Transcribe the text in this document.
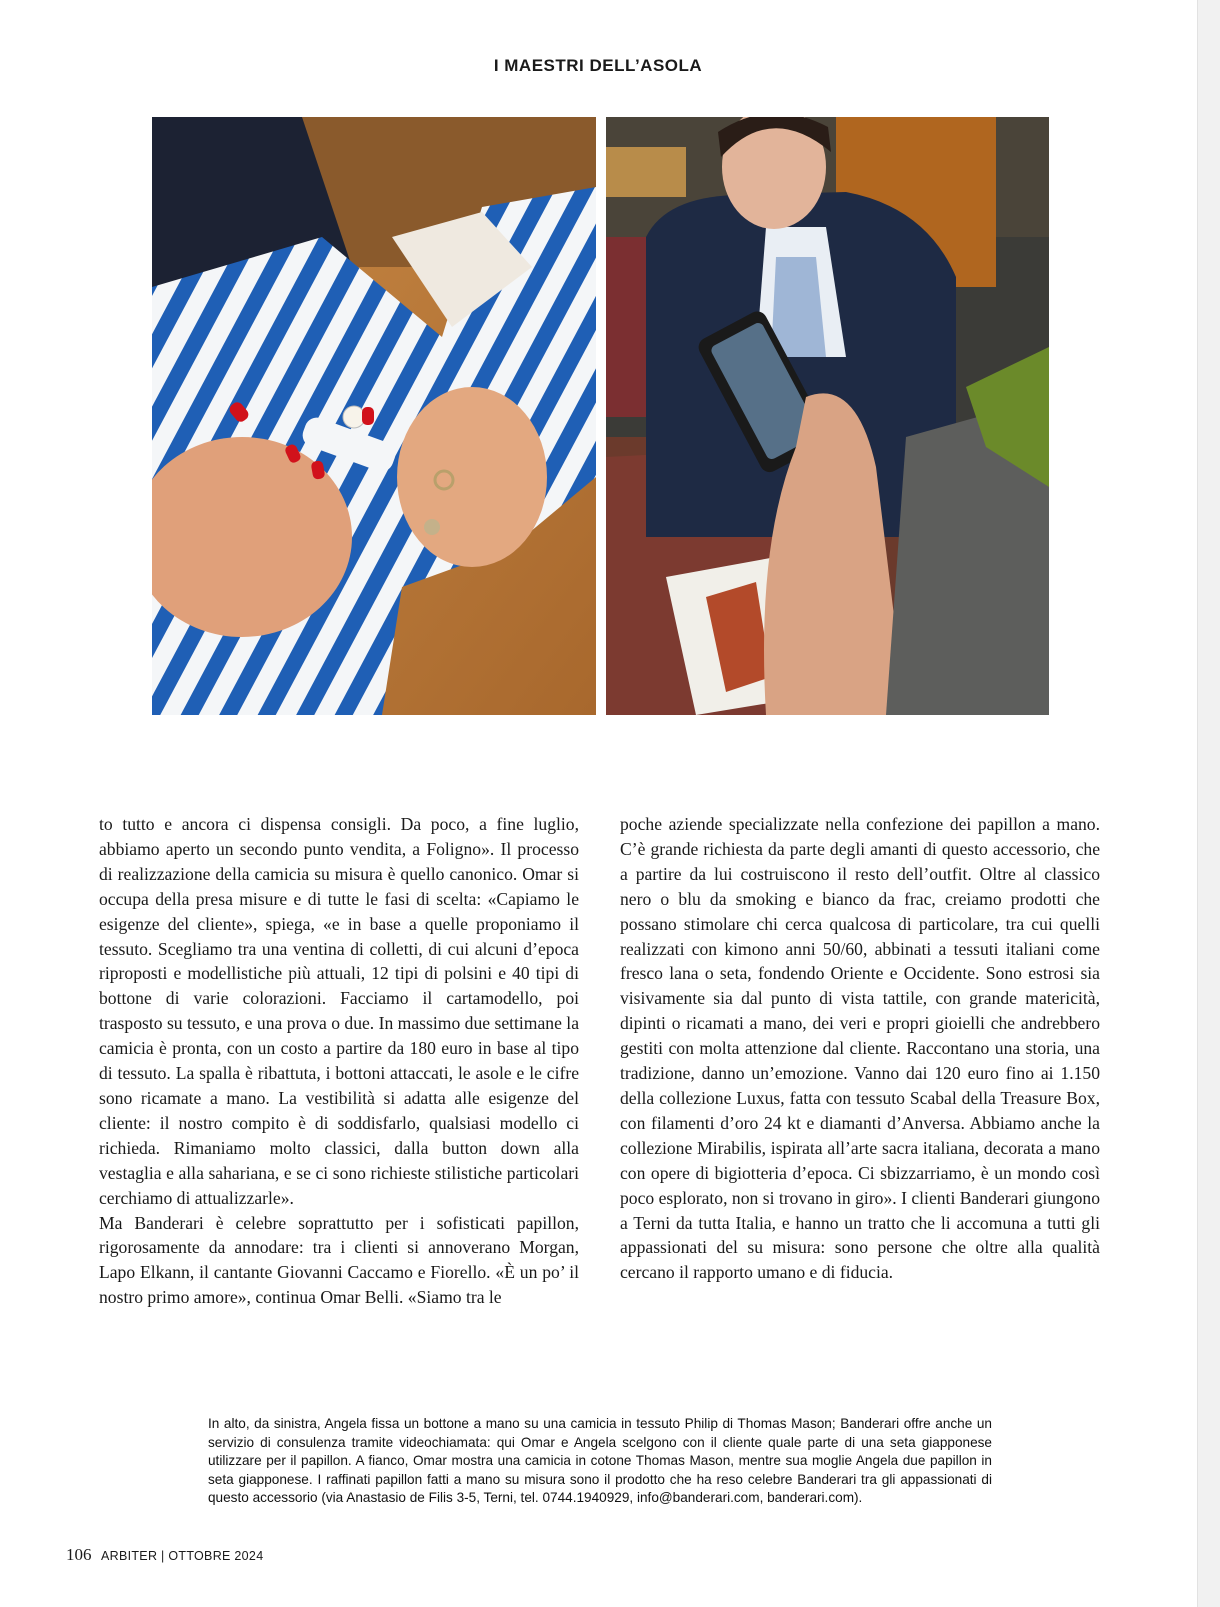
I MAESTRI DELL’ASOLA

to tutto e ancora ci dispensa consigli. Da poco, a fine luglio, abbiamo aperto un secondo punto vendita, a Foligno». Il processo di realizzazione della camicia su misura è quello canonico. Omar si occupa della presa misure e di tutte le fasi di scelta: «Capiamo le esigenze del cliente», spiega, «e in base a quelle proponiamo il tessuto. Scegliamo tra una ventina di colletti, di cui alcuni d’epoca riproposti e modellistiche più attuali, 12 tipi di polsini e 40 tipi di bottone di varie colorazioni. Facciamo il cartamodello, poi trasposto su tessuto, e una prova o due. In massimo due settimane la camicia è pronta, con un costo a partire da 180 euro in base al tipo di tessuto. La spalla è ribattuta, i bottoni attaccati, le asole e le cifre sono ricamate a mano. La vestibilità si adatta alle esigenze del cliente: il nostro compito è di soddisfarlo, qualsiasi modello ci richieda. Rimaniamo molto classici, dalla button down alla vestaglia e alla sahariana, e se ci sono richieste stilistiche particolari cerchiamo di attualizzarle».

Ma Banderari è celebre soprattutto per i sofisticati papillon, rigorosamente da annodare: tra i clienti si annoverano Morgan, Lapo Elkann, il cantante Giovanni Caccamo e Fiorello. «È un po’ il nostro primo amore», continua Omar Belli. «Siamo tra le

poche aziende specializzate nella confezione dei papillon a mano. C’è grande richiesta da parte degli amanti di questo accessorio, che a partire da lui costruiscono il resto dell’outfit. Oltre al classico nero o blu da smoking e bianco da frac, creiamo prodotti che possano stimolare chi cerca qualcosa di particolare, tra cui quelli realizzati con kimono anni 50/60, abbinati a tessuti italiani come fresco lana o seta, fondendo Oriente e Occidente. Sono estrosi sia visivamente sia dal punto di vista tattile, con grande matericità, dipinti o ricamati a mano, dei veri e propri gioielli che andrebbero gestiti con molta attenzione dal cliente. Raccontano una storia, una tradizione, danno un’emozione. Vanno dai 120 euro fino ai 1.150 della collezione Luxus, fatta con tessuto Scabal della Treasure Box, con filamenti d’oro 24 kt e diamanti d’Anversa. Abbiamo anche la collezione Mirabilis, ispirata all’arte sacra italiana, decorata a mano con opere di bigiotteria d’epoca. Ci sbizzarriamo, è un mondo così poco esplorato, non si trovano in giro». I clienti Banderari giungono a Terni da tutta Italia, e hanno un tratto che li accomuna a tutti gli appassionati del su misura: sono persone che oltre alla qualità cercano il rapporto umano e di fiducia.

In alto, da sinistra, Angela fissa un bottone a mano su una camicia in tessuto Philip di Thomas Mason; Banderari offre anche un servizio di consulenza tramite videochiamata: qui Omar e Angela scelgono con il cliente quale parte di una seta giapponese utilizzare per il papillon. A fianco, Omar mostra una camicia in cotone Thomas Mason, mentre sua moglie Angela due papillon in seta giapponese. I raffinati papillon fatti a mano su misura sono il prodotto che ha reso celebre Banderari tra gli appassionati di questo accessorio (via Anastasio de Filis 3-5, Terni, tel. 0744.1940929, info@banderari.com, banderari.com).
106 ARBITER | OTTOBRE 2024
